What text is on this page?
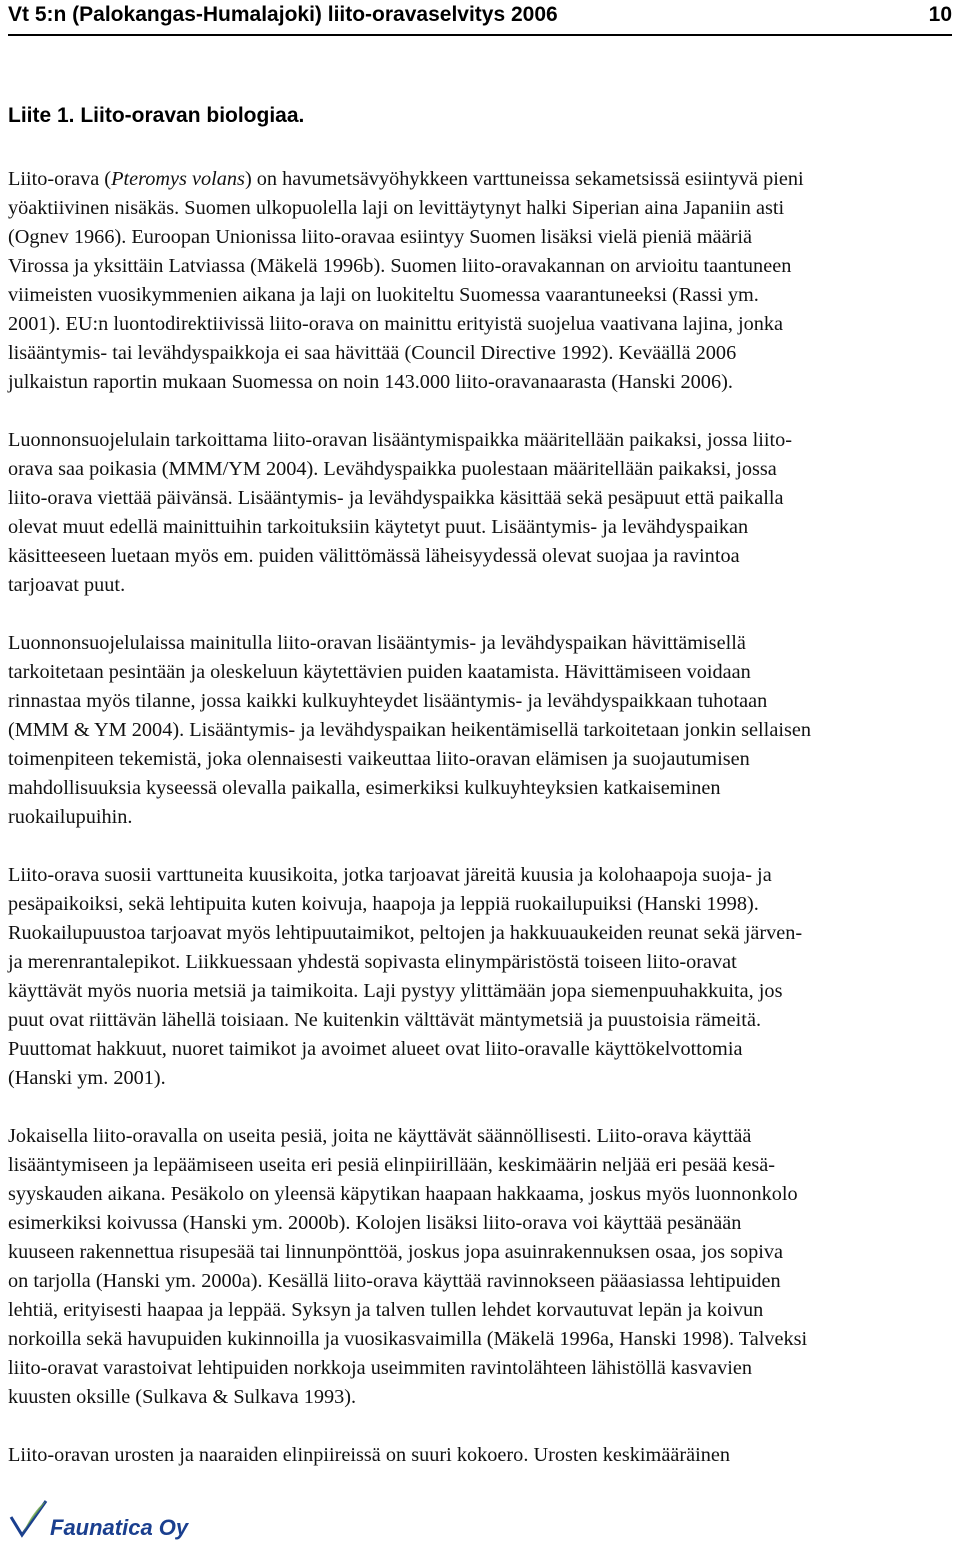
Vt 5:n (Palokangas-Humalajoki) liito-oravaselvitys 2006	10
Liite 1. Liito-oravan biologiaa.

Liito-orava (Pteromys volans) on havumetsävyöhykkeen varttuneissa sekametsissä esiintyvä pieni
yöaktiivinen nisäkäs. Suomen ulkopuolella laji on levittäytynyt halki Siperian aina Japaniin asti
(Ognev 1966). Euroopan Unionissa liito-oravaa esiintyy Suomen lisäksi vielä pieniä määriä
Virossa ja yksittäin Latviassa (Mäkelä 1996b). Suomen liito-oravakannan on arvioitu taantuneen
viimeisten vuosikymmenien aikana ja laji on luokiteltu Suomessa vaarantuneeksi (Rassi ym.
2001). EU:n luontodirektiivissä liito-orava on mainittu erityistä suojelua vaativana lajina, jonka
lisääntymis- tai levähdyspaikkoja ei saa hävittää (Council Directive 1992). Keväällä 2006
julkaistun raportin mukaan Suomessa on noin 143.000 liito-oravanaarasta (Hanski 2006).

Luonnonsuojelulain tarkoittama liito-oravan lisääntymispaikka määritellään paikaksi, jossa liito-
orava saa poikasia (MMM/YM 2004). Levähdyspaikka puolestaan määritellään paikaksi, jossa
liito-orava viettää päivänsä. Lisääntymis- ja levähdyspaikka käsittää sekä pesäpuut että paikalla
olevat muut edellä mainittuihin tarkoituksiin käytetyt puut. Lisääntymis- ja levähdyspaikan
käsitteeseen luetaan myös em. puiden välittömässä läheisyydessä olevat suojaa ja ravintoa
tarjoavat puut.

Luonnonsuojelulaissa mainitulla liito-oravan lisääntymis- ja levähdyspaikan hävittämisellä
tarkoitetaan pesintään ja oleskeluun käytettävien puiden kaatamista. Hävittämiseen voidaan
rinnastaa myös tilanne, jossa kaikki kulkuyhteydet lisääntymis- ja levähdyspaikkaan tuhotaan
(MMM & YM 2004). Lisääntymis- ja levähdyspaikan heikentämisellä tarkoitetaan jonkin sellaisen
toimenpiteen tekemistä, joka olennaisesti vaikeuttaa liito-oravan elämisen ja suojautumisen
mahdollisuuksia kyseessä olevalla paikalla, esimerkiksi kulkuyhteyksien katkaiseminen
ruokailupuihin.

Liito-orava suosii varttuneita kuusikoita, jotka tarjoavat järeitä kuusia ja kolohaapoja suoja- ja
pesäpaikoiksi, sekä lehtipuita kuten koivuja, haapoja ja leppiä ruokailupuiksi (Hanski 1998).
Ruokailupuustoa tarjoavat myös lehtipuutaimikot, peltojen ja hakkuuaukeiden reunat sekä järven-
ja merenrantalepikot. Liikkuessaan yhdestä sopivasta elinympäristöstä toiseen liito-oravat
käyttävät myös nuoria metsiä ja taimikoita. Laji pystyy ylittämään jopa siemenpuuhakkuita, jos
puut ovat riittävän lähellä toisiaan. Ne kuitenkin välttävät mäntymetsiä ja puustoisia rämeitä.
Puuttomat hakkuut, nuoret taimikot ja avoimet alueet ovat liito-oravalle käyttökelvottomia
(Hanski ym. 2001).

Jokaisella liito-oravalla on useita pesiä, joita ne käyttävät säännöllisesti. Liito-orava käyttää
lisääntymiseen ja lepäämiseen useita eri pesiä elinpiirillään, keskimäärin neljää eri pesää kesä-
syyskauden aikana. Pesäkolo on yleensä käpytikan haapaan hakkaama, joskus myös luonnonkolo
esimerkiksi koivussa (Hanski ym. 2000b). Kolojen lisäksi liito-orava voi käyttää pesänään
kuuseen rakennettua risupesää tai linnunpönttöä, joskus jopa asuinrakennuksen osaa, jos sopiva
on tarjolla (Hanski ym. 2000a). Kesällä liito-orava käyttää ravinnokseen pääasiassa lehtipuiden
lehtiä, erityisesti haapaa ja leppää. Syksyn ja talven tullen lehdet korvautuvat lepän ja koivun
norkoilla sekä havupuiden kukinnoilla ja vuosikasvaimilla (Mäkelä 1996a, Hanski 1998). Talveksi
liito-oravat varastoivat lehtipuiden norkkoja useimmiten ravintolähteen lähistöllä kasvavien
kuusten oksille (Sulkava & Sulkava 1993).

Liito-oravan urosten ja naaraiden elinpiireissä on suuri kokoero. Urosten keskimääräinen

Faunatica Oy
